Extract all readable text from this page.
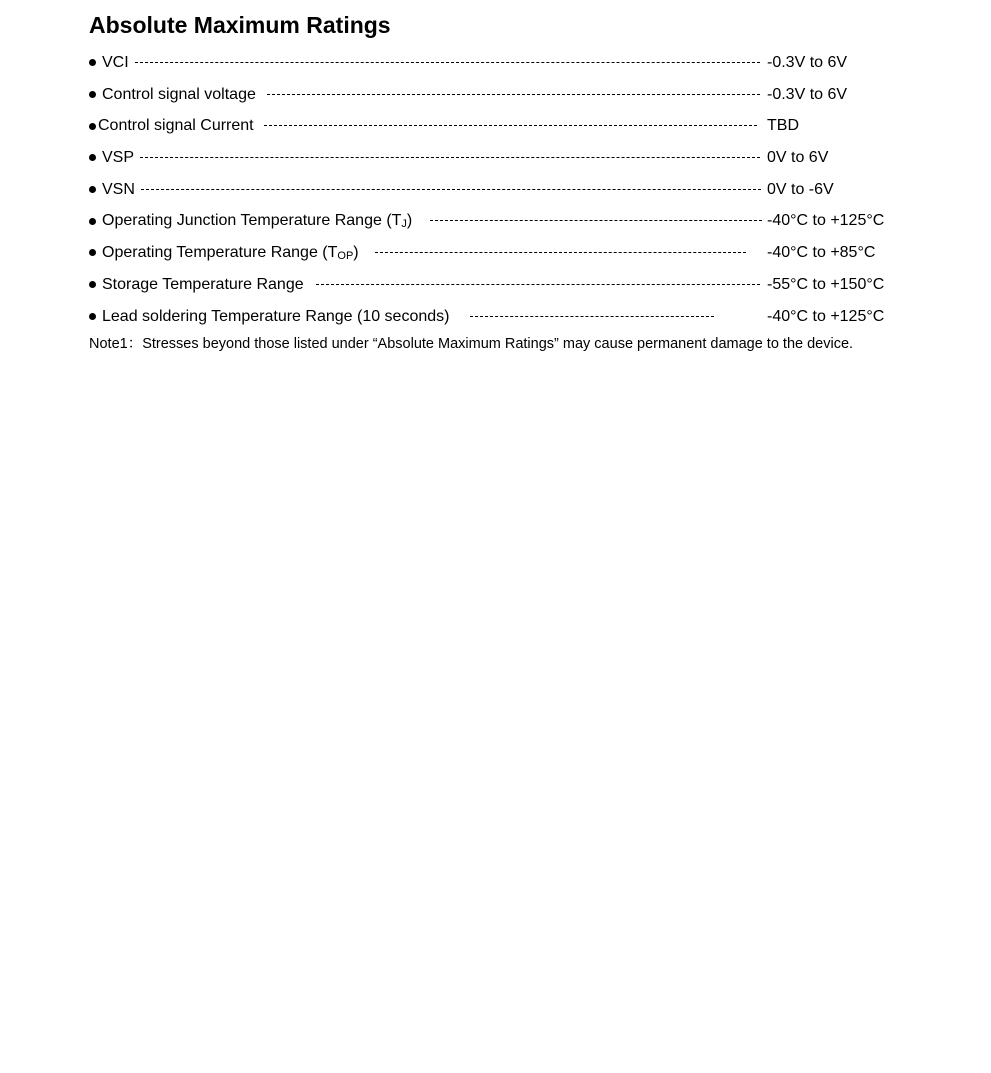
Absolute Maximum Ratings
VCI	-0.3V to 6V
Control signal voltage	-0.3V to 6V
Control signal Current	TBD
VSP	0V to 6V
VSN	0V to -6V
Operating Junction Temperature Range (T J )	-40°C to +125°C
Operating Temperature Range (T OP )	-40°C to +85°C
Storage Temperature Range	-55°C to +150°C
Lead soldering Temperature Range (10 seconds)	-40°C to +125°C
Note1：Stresses beyond those listed under “Absolute Maximum Ratings” may cause permanent damage to the device.
